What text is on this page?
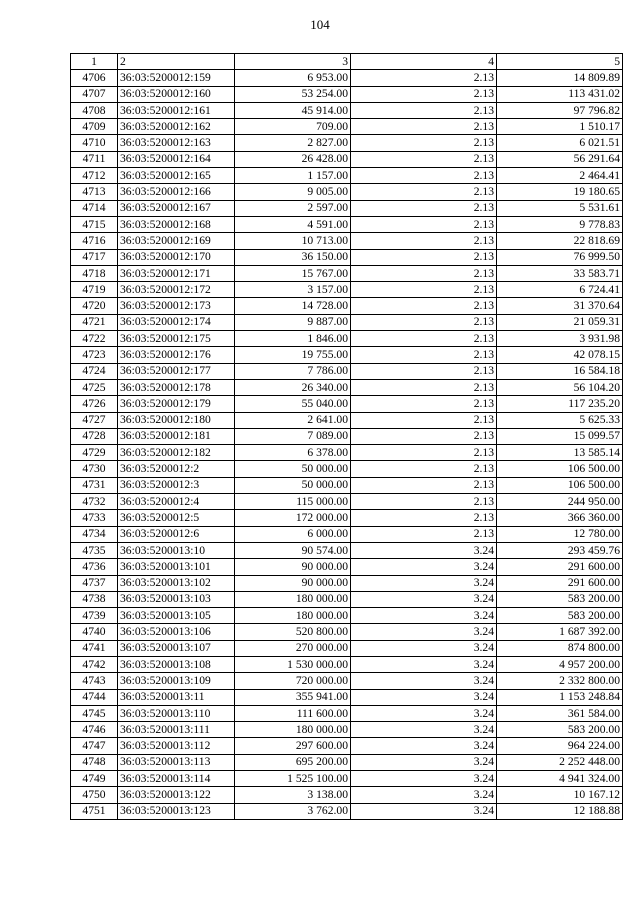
104
1	2	3	4	5
4706	36:03:5200012:159	6 953.00	2.13	14 809.89
4707	36:03:5200012:160	53 254.00	2.13	113 431.02
4708	36:03:5200012:161	45 914.00	2.13	97 796.82
4709	36:03:5200012:162	709.00	2.13	1 510.17
4710	36:03:5200012:163	2 827.00	2.13	6 021.51
4711	36:03:5200012:164	26 428.00	2.13	56 291.64
4712	36:03:5200012:165	1 157.00	2.13	2 464.41
4713	36:03:5200012:166	9 005.00	2.13	19 180.65
4714	36:03:5200012:167	2 597.00	2.13	5 531.61
4715	36:03:5200012:168	4 591.00	2.13	9 778.83
4716	36:03:5200012:169	10 713.00	2.13	22 818.69
4717	36:03:5200012:170	36 150.00	2.13	76 999.50
4718	36:03:5200012:171	15 767.00	2.13	33 583.71
4719	36:03:5200012:172	3 157.00	2.13	6 724.41
4720	36:03:5200012:173	14 728.00	2.13	31 370.64
4721	36:03:5200012:174	9 887.00	2.13	21 059.31
4722	36:03:5200012:175	1 846.00	2.13	3 931.98
4723	36:03:5200012:176	19 755.00	2.13	42 078.15
4724	36:03:5200012:177	7 786.00	2.13	16 584.18
4725	36:03:5200012:178	26 340.00	2.13	56 104.20
4726	36:03:5200012:179	55 040.00	2.13	117 235.20
4727	36:03:5200012:180	2 641.00	2.13	5 625.33
4728	36:03:5200012:181	7 089.00	2.13	15 099.57
4729	36:03:5200012:182	6 378.00	2.13	13 585.14
4730	36:03:5200012:2	50 000.00	2.13	106 500.00
4731	36:03:5200012:3	50 000.00	2.13	106 500.00
4732	36:03:5200012:4	115 000.00	2.13	244 950.00
4733	36:03:5200012:5	172 000.00	2.13	366 360.00
4734	36:03:5200012:6	6 000.00	2.13	12 780.00
4735	36:03:5200013:10	90 574.00	3.24	293 459.76
4736	36:03:5200013:101	90 000.00	3.24	291 600.00
4737	36:03:5200013:102	90 000.00	3.24	291 600.00
4738	36:03:5200013:103	180 000.00	3.24	583 200.00
4739	36:03:5200013:105	180 000.00	3.24	583 200.00
4740	36:03:5200013:106	520 800.00	3.24	1 687 392.00
4741	36:03:5200013:107	270 000.00	3.24	874 800.00
4742	36:03:5200013:108	1 530 000.00	3.24	4 957 200.00
4743	36:03:5200013:109	720 000.00	3.24	2 332 800.00
4744	36:03:5200013:11	355 941.00	3.24	1 153 248.84
4745	36:03:5200013:110	111 600.00	3.24	361 584.00
4746	36:03:5200013:111	180 000.00	3.24	583 200.00
4747	36:03:5200013:112	297 600.00	3.24	964 224.00
4748	36:03:5200013:113	695 200.00	3.24	2 252 448.00
4749	36:03:5200013:114	1 525 100.00	3.24	4 941 324.00
4750	36:03:5200013:122	3 138.00	3.24	10 167.12
4751	36:03:5200013:123	3 762.00	3.24	12 188.88
